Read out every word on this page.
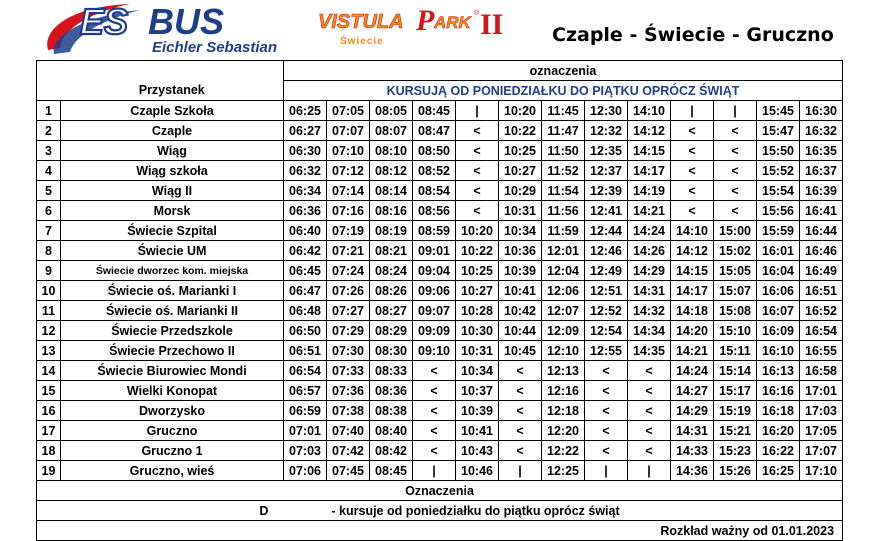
ES BUS
Eichler Sebastian
VISTULA P ARK ® II
Świecie	Czaple - Świecie - Gruczno
		oznaczenia												
	Przystanek	KURSUJĄ OD PONIEDZIAŁKU DO PIĄTKU OPRÓCZ ŚWIĄT												
1	Czaple Szkoła	06:25	07:05	08:05	08:45	|	10:20	11:45	12:30	14:10	|	|	15:45	16:30
2	Czaple	06:27	07:07	08:07	08:47	<	10:22	11:47	12:32	14:12	<	<	15:47	16:32
3	Wiąg	06:30	07:10	08:10	08:50	<	10:25	11:50	12:35	14:15	<	<	15:50	16:35
4	Wiąg szkoła	06:32	07:12	08:12	08:52	<	10:27	11:52	12:37	14:17	<	<	15:52	16:37
5	Wiąg II	06:34	07:14	08:14	08:54	<	10:29	11:54	12:39	14:19	<	<	15:54	16:39
6	Morsk	06:36	07:16	08:16	08:56	<	10:31	11:56	12:41	14:21	<	<	15:56	16:41
7	Świecie Szpital	06:40	07:19	08:19	08:59	10:20	10:34	11:59	12:44	14:24	14:10	15:00	15:59	16:44
8	Świecie UM	06:42	07:21	08:21	09:01	10:22	10:36	12:01	12:46	14:26	14:12	15:02	16:01	16:46
9	Świecie dworzec kom. miejska	06:45	07:24	08:24	09:04	10:25	10:39	12:04	12:49	14:29	14:15	15:05	16:04	16:49
10	Świecie oś. Marianki I	06:47	07:26	08:26	09:06	10:27	10:41	12:06	12:51	14:31	14:17	15:07	16:06	16:51
11	Świecie oś. Marianki II	06:48	07:27	08:27	09:07	10:28	10:42	12:07	12:52	14:32	14:18	15:08	16:07	16:52
12	Świecie Przedszkole	06:50	07:29	08:29	09:09	10:30	10:44	12:09	12:54	14:34	14:20	15:10	16:09	16:54
13	Świecie Przechowo II	06:51	07:30	08:30	09:10	10:31	10:45	12:10	12:55	14:35	14:21	15:11	16:10	16:55
14	Świecie Biurowiec Mondi	06:54	07:33	08:33	<	10:34	<	12:13	<	<	14:24	15:14	16:13	16:58
15	Wielki Konopat	06:57	07:36	08:36	<	10:37	<	12:16	<	<	14:27	15:17	16:16	17:01
16	Dworzysko	06:59	07:38	08:38	<	10:39	<	12:18	<	<	14:29	15:19	16:18	17:03
17	Gruczno	07:01	07:40	08:40	<	10:41	<	12:20	<	<	14:31	15:21	16:20	17:05
18	Gruczno 1	07:03	07:42	08:42	<	10:43	<	12:22	<	<	14:33	15:23	16:22	17:07
19	Gruczno, wieś	07:06	07:45	08:45	|	10:46	|	12:25	|	|	14:36	15:26	16:25	17:10
Oznaczenia														
D - kursuje od poniedziałku do piątku oprócz świąt														
Rozkład ważny od 01.01.2023														
